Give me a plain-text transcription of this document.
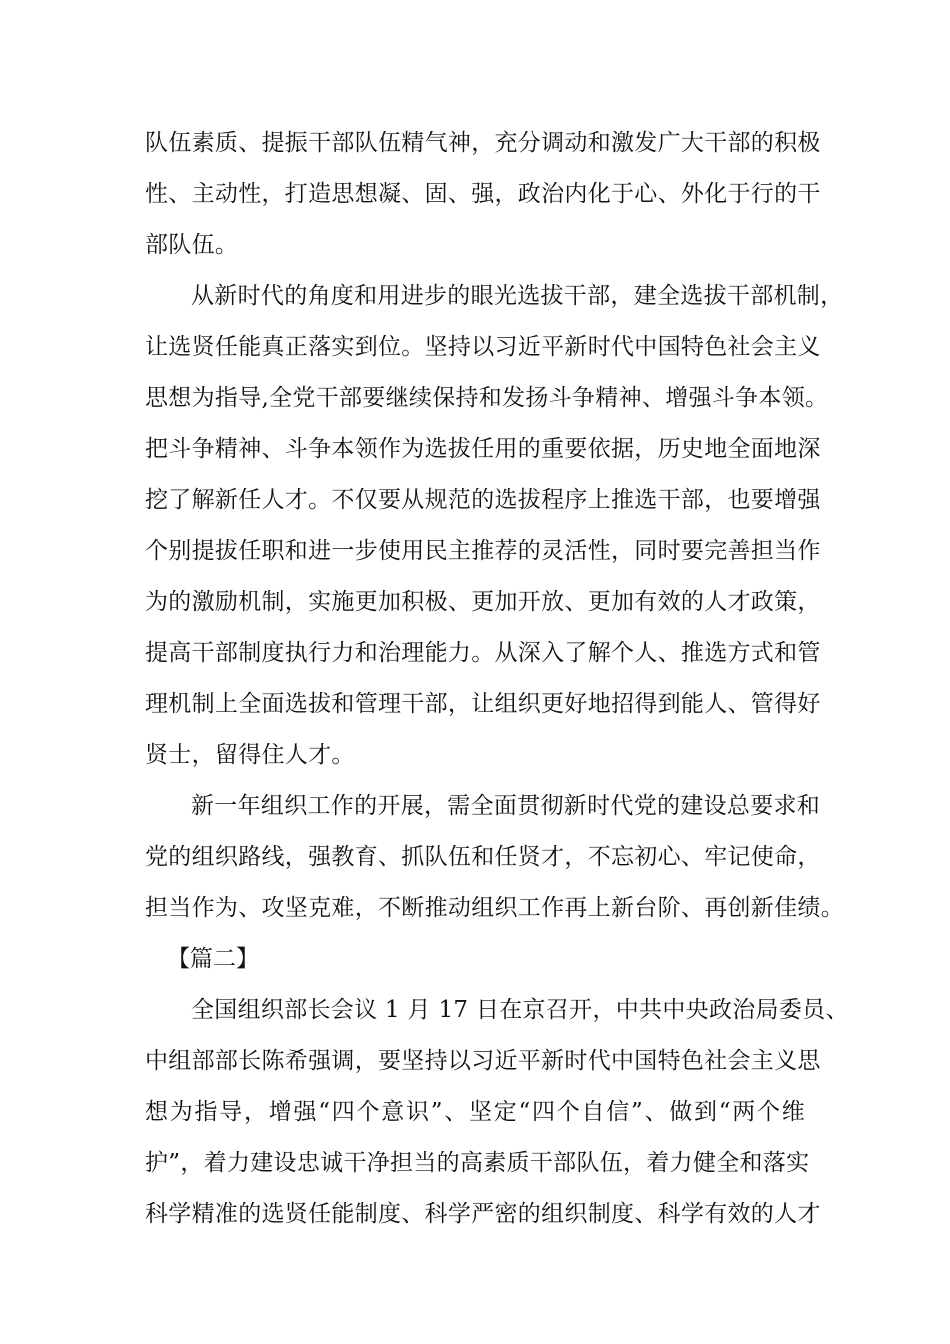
队伍素质、提振干部队伍精气神，充分调动和激发广大干部的积极
性、主动性，打造思想凝、固、强，政治内化于心、外化于行的干
部队伍。
从新时代的角度和用进步的眼光选拔干部，建全选拔干部机制，
让选贤任能真正落实到位。坚持以习近平新时代中国特色社会主义
思想为指导,全党干部要继续保持和发扬斗争精神、增强斗争本领。
把斗争精神、斗争本领作为选拔任用的重要依据，历史地全面地深
挖了解新任人才。不仅要从规范的选拔程序上推选干部，也要增强
个别提拔任职和进一步使用民主推荐的灵活性，同时要完善担当作
为的激励机制，实施更加积极、更加开放、更加有效的人才政策，
提高干部制度执行力和治理能力。从深入了解个人、推选方式和管
理机制上全面选拔和管理干部，让组织更好地招得到能人、管得好
贤士，留得住人才。
新一年组织工作的开展，需全面贯彻新时代党的建设总要求和
党的组织路线，强教育、抓队伍和任贤才，不忘初心、牢记使命，
担当作为、攻坚克难，不断推动组织工作再上新台阶、再创新佳绩。
【篇二】
全国组织部长会议 1 月 17 日在京召开，中共中央政治局委员、
中组部部长陈希强调，要坚持以习近平新时代中国特色社会主义思
想为指导，增强“四个意识”、坚定“四个自信”、做到“两个维
护”，着力建设忠诚干净担当的高素质干部队伍，着力健全和落实
科学精准的选贤任能制度、科学严密的组织制度、科学有效的人才
